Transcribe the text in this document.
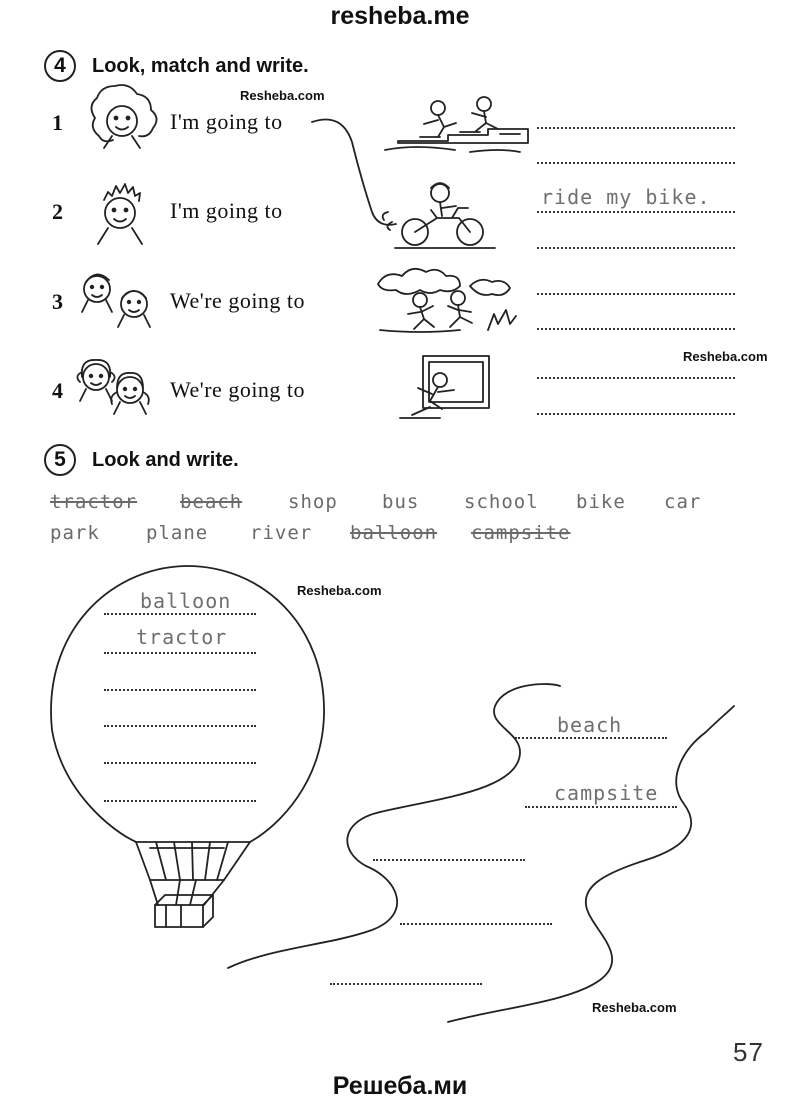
resheba.me
Решеба.ми
Resheba.com
Resheba.com
Resheba.com
Resheba.com
4	Look, match and write.
1	I'm going to
2	I'm going to
3	We're going to
4	We're going to
ride my bike.
5	Look and write.
tractor beach shop bus school bike car
park plane river balloon campsite
balloon
tractor
beach
campsite
57
